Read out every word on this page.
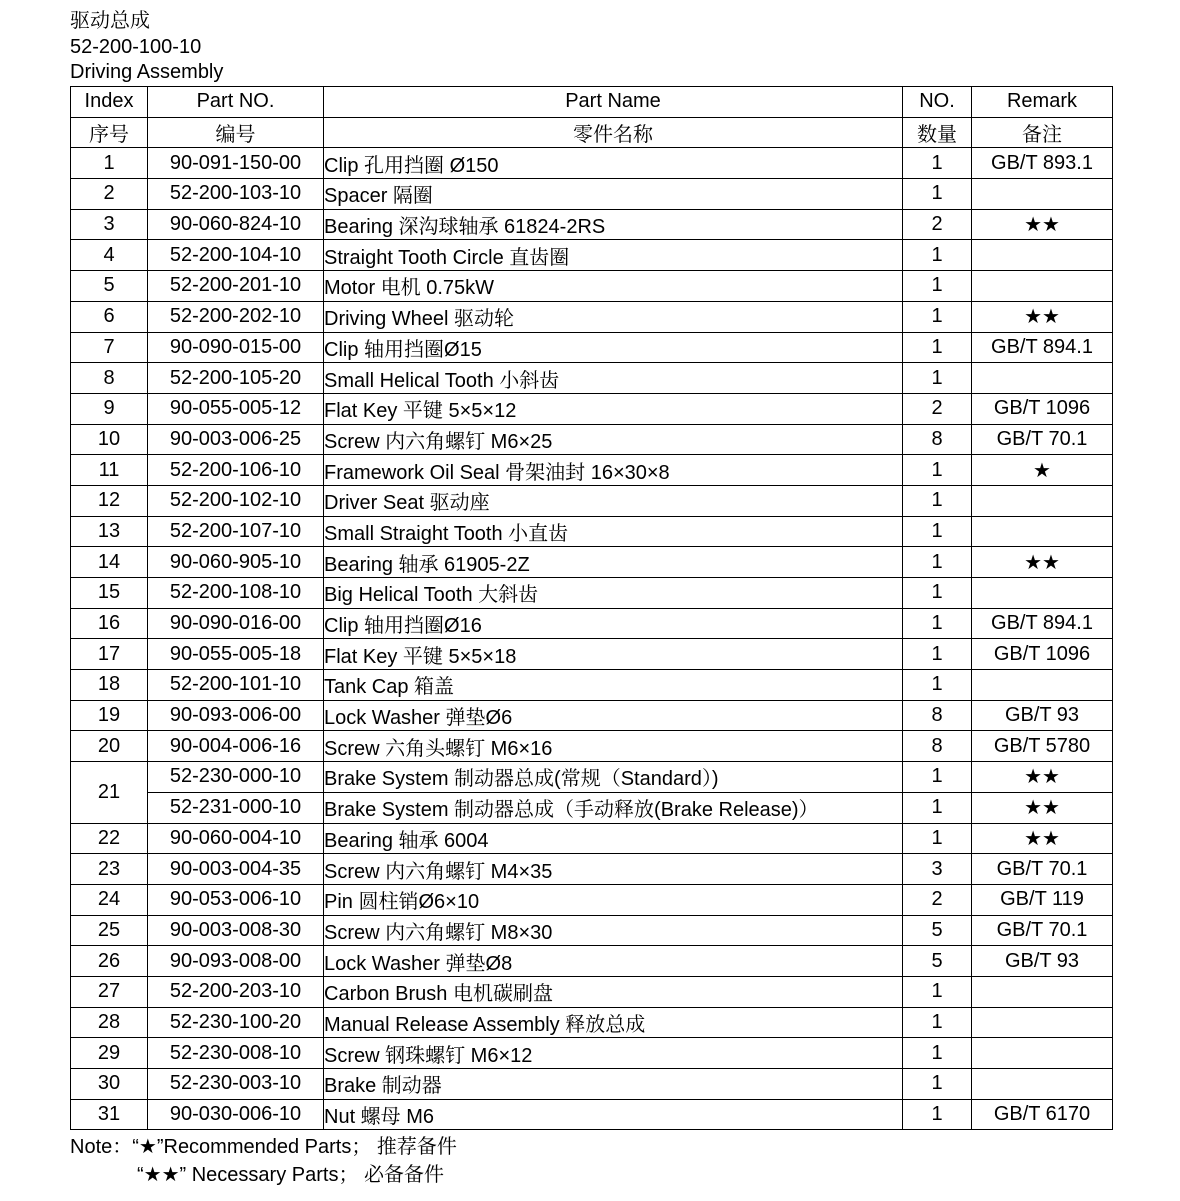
驱动总成
52-200-100-10
Driving Assembly
Index	Part NO.	Part Name	NO.	Remark
序号	编号	零件名称	数量	备注
1	90-091-150-00	Clip 孔用挡圈 Ø150	1	GB/T 893.1
2	52-200-103-10	Spacer 隔圈	1	
3	90-060-824-10	Bearing 深沟球轴承 61824-2RS	2	★★
4	52-200-104-10	Straight Tooth Circle 直齿圈	1	
5	52-200-201-10	Motor 电机 0.75kW	1	
6	52-200-202-10	Driving Wheel 驱动轮	1	★★
7	90-090-015-00	Clip 轴用挡圈Ø15	1	GB/T 894.1
8	52-200-105-20	Small Helical Tooth 小斜齿	1	
9	90-055-005-12	Flat Key 平键 5×5×12	2	GB/T 1096
10	90-003-006-25	Screw 内六角螺钉 M6×25	8	GB/T 70.1
11	52-200-106-10	Framework Oil Seal 骨架油封 16×30×8	1	★
12	52-200-102-10	Driver Seat 驱动座	1	
13	52-200-107-10	Small Straight Tooth 小直齿	1	
14	90-060-905-10	Bearing 轴承 61905-2Z	1	★★
15	52-200-108-10	Big Helical Tooth 大斜齿	1	
16	90-090-016-00	Clip 轴用挡圈Ø16	1	GB/T 894.1
17	90-055-005-18	Flat Key 平键 5×5×18	1	GB/T 1096
18	52-200-101-10	Tank Cap 箱盖	1	
19	90-093-006-00	Lock Washer 弹垫Ø6	8	GB/T 93
20	90-004-006-16	Screw 六角头螺钉 M6×16	8	GB/T 5780
21	52-230-000-10	Brake System 制动器总成(常规（Standard）)	1	★★
	52-231-000-10	Brake System 制动器总成（手动释放(Brake Release)）	1	★★
22	90-060-004-10	Bearing 轴承 6004	1	★★
23	90-003-004-35	Screw 内六角螺钉 M4×35	3	GB/T 70.1
24	90-053-006-10	Pin 圆柱销Ø6×10	2	GB/T 119
25	90-003-008-30	Screw 内六角螺钉 M8×30	5	GB/T 70.1
26	90-093-008-00	Lock Washer 弹垫Ø8	5	GB/T 93
27	52-200-203-10	Carbon Brush 电机碳刷盘	1	
28	52-230-100-20	Manual Release Assembly 释放总成	1	
29	52-230-008-10	Screw 钢珠螺钉 M6×12	1	
30	52-230-003-10	Brake 制动器	1	
31	90-030-006-10	Nut 螺母 M6	1	GB/T 6170
Note：“★”Recommended Parts； 推荐备件
“★★” Necessary Parts； 必备备件
